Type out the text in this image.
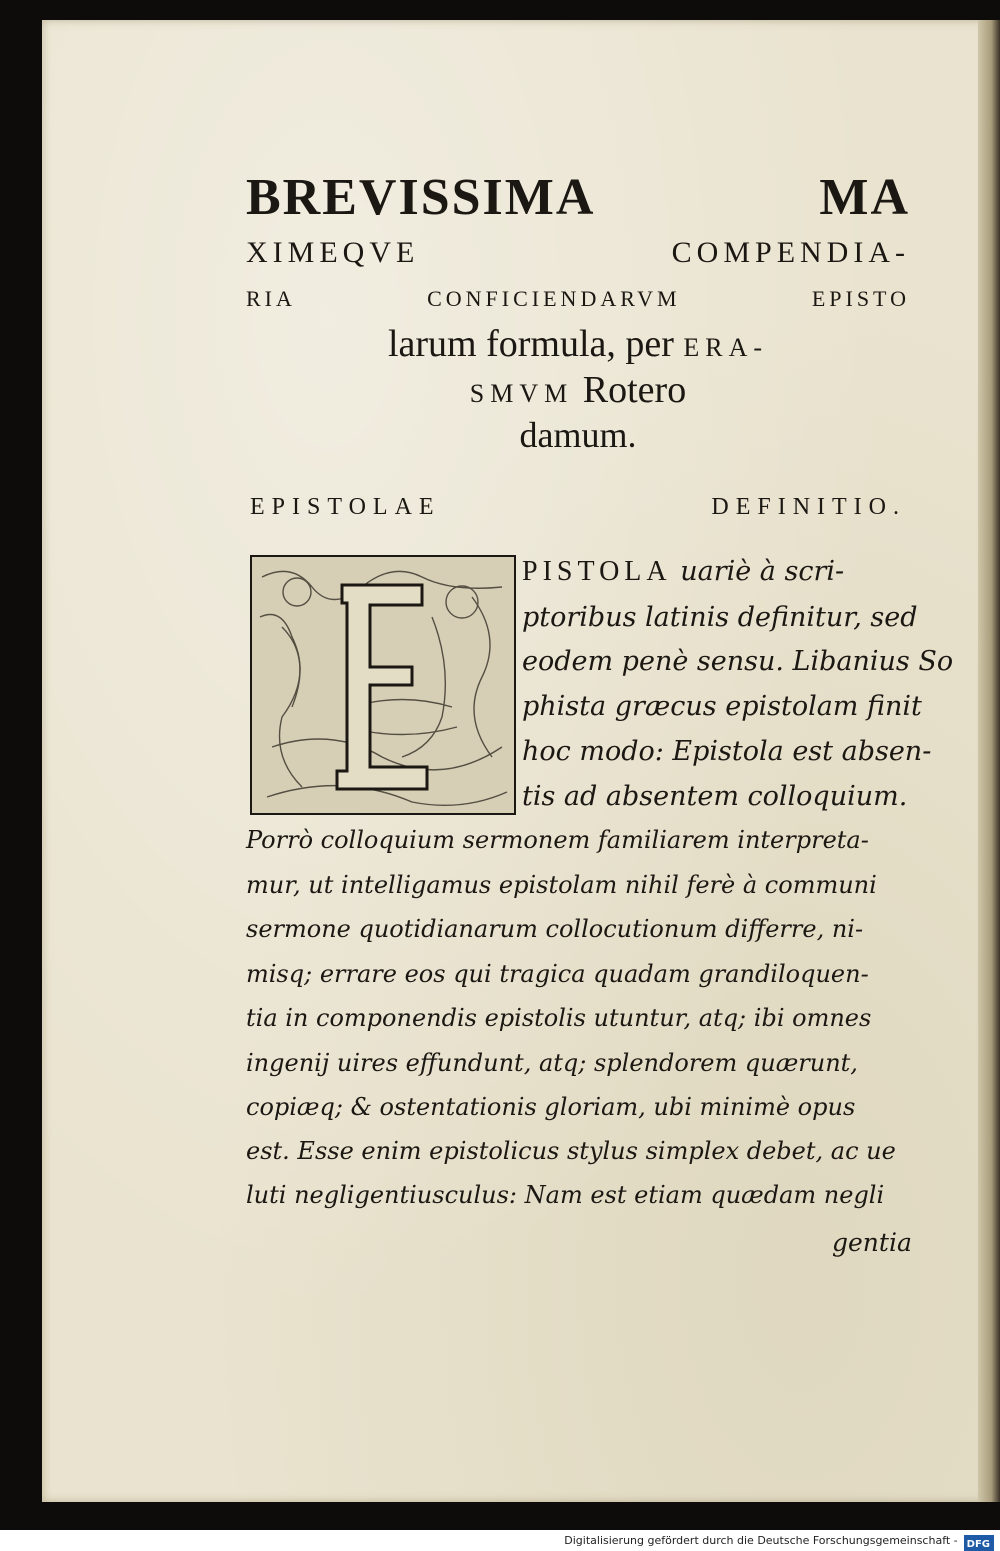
BREVISSIMA	MA
XIMEQVE	COMPENDIA-
RIA	CONFICIENDARVM	EPISTO
larum formula, per ERA-
SMVM Rotero
damum.
EPISTOLAE	DEFINITIO.
PISTOLA uariè à scri-
ptoribus latinis definitur, sed
eodem penè sensu. Libanius So
phista græcus epistolam finit
hoc modo: Epistola est absen-
tis ad absentem colloquium.
Porrò colloquium sermonem familiarem interpreta-
mur, ut intelligamus epistolam nihil ferè à communi
sermone quotidianarum collocutionum differre, ni-
misq; errare eos qui tragica quadam grandiloquen-
tia in componendis epistolis utuntur, atq; ibi omnes
ingenij uires effundunt, atq; splendorem quærunt,
copiæq; & ostentationis gloriam, ubi minimè opus
est. Esse enim epistolicus stylus simplex debet, ac ue
luti negligentiusculus: Nam est etiam quædam negli
gentia
Digitalisierung gefördert durch die Deutsche Forschungsgemeinschaft - DFG
